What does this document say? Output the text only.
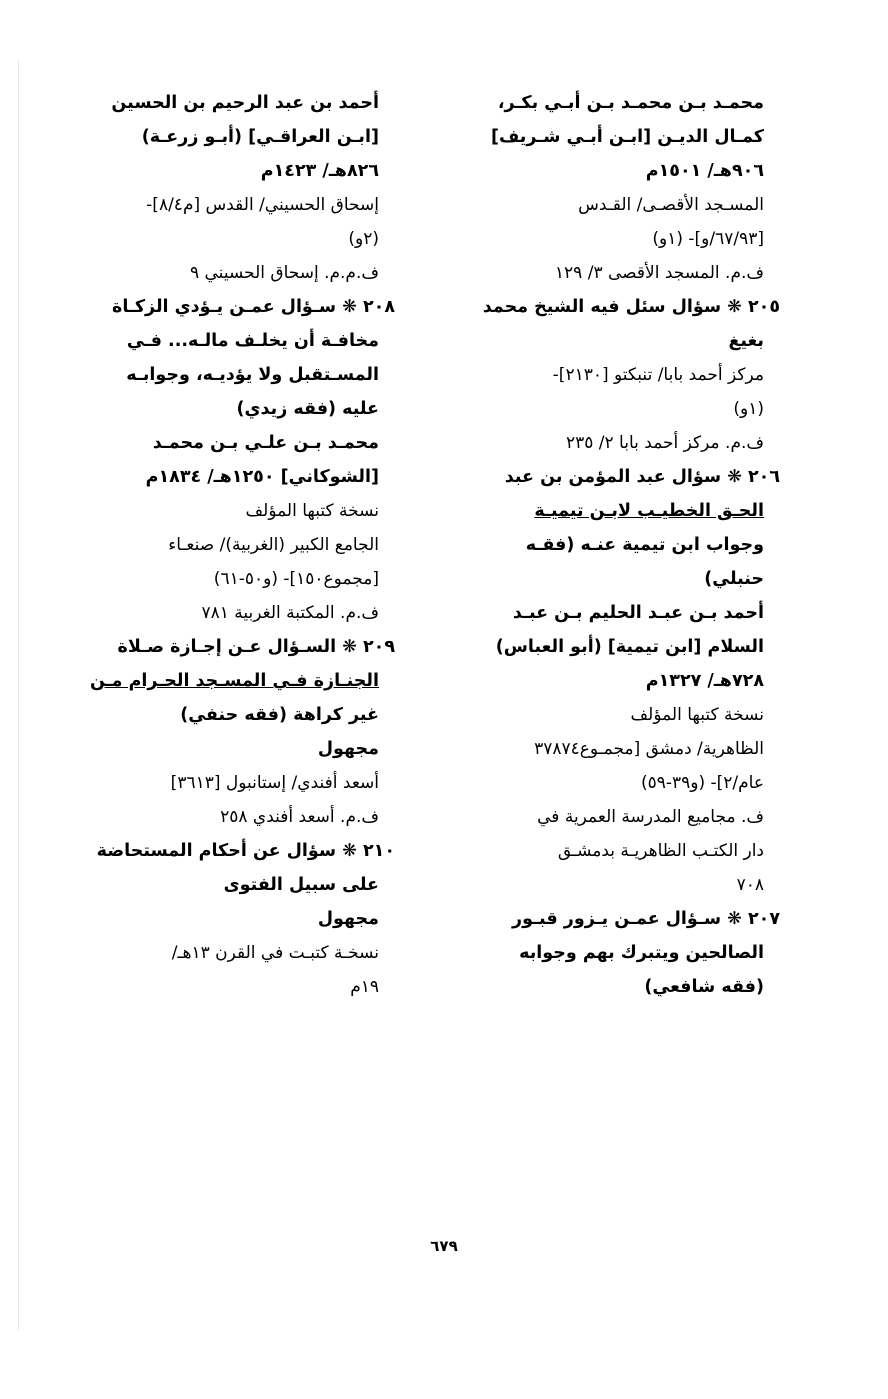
محمـد بـن محمـد بـن أبـي بكـر،
كمـال الديـن [ابـن أبـي شـريف]
٩٠٦هـ/ ١٥٠١م
المسـجد الأقصـى/ القـدس
[٦٧/٩٣/و]- (١و)
ف.م. المسجد الأقصى ٣/ ١٢٩
٢٠٥ ❋ سؤال سئل فيه الشيخ محمد
بغيغ
مركز أحمد بابا/ تنبكتو [٢١٣٠]-
(١و)
ف.م. مركز أحمد بابا ٢/ ٢٣٥
٢٠٦ ❋ سؤال عبد المؤمن بن عبد
الحـق الخطيـب لابـن تيميـة
وجواب ابن تيمية عنـه (فقـه
حنبلي)
أحمد بـن عبـد الحليم بـن عبـد
السلام [ابن تيمية] (أبو العباس)
٧٢٨هـ/ ١٣٢٧م
نسخة كتبها المؤلف
الظاهرية/ دمشق [مجمـوع٣٧٨٧٤
عام/٢]- (و٣٩-٥٩)
ف. مجاميع المدرسة العمرية في
دار الكتـب الظاهريـة بدمشـق
٧٠٨
٢٠٧ ❋ سـؤال عمـن يـزور قبـور
الصالحين ويتبرك بهم وجوابه
(فقه شافعي)
أحمد بن عبد الرحيم بن الحسين
[ابـن العراقـي] (أبـو زرعـة)
٨٢٦هـ/ ١٤٢٣م
إسحاق الحسيني/ القدس [م٨/٤]-
(٢و)
ف.م.م. إسحاق الحسيني ٩
٢٠٨ ❋ سـؤال عمـن يـؤدي الزكـاة
مخافـة أن يخلـف مالـه... فـي
المسـتقبل ولا يؤديـه، وجوابـه
عليه (فقه زيدي)
محمـد بـن علـي بـن محمـد
[الشوكاني] ١٢٥٠هـ/ ١٨٣٤م
نسخة كتبها المؤلف
الجامع الكبير (الغربية)/ صنعـاء
[مجموع١٥٠]- (و٥٠-٦١)
ف.م. المكتبة الغربية ٧٨١
٢٠٩ ❋ السـؤال عـن إجـازة صـلاة
الجنـازة فـي المسـجد الحـرام مـن
غير كراهة (فقه حنفي)
مجهول
أسعد أفندي/ إستانبول [٣٦١٣]
ف.م. أسعد أفندي ٢٥٨
٢١٠ ❋ سؤال عن أحكام المستحاضة
على سبيل الفتوى
مجهول
نسخـة كتبـت في القرن ١٣هـ/
١٩م
٦٧٩
